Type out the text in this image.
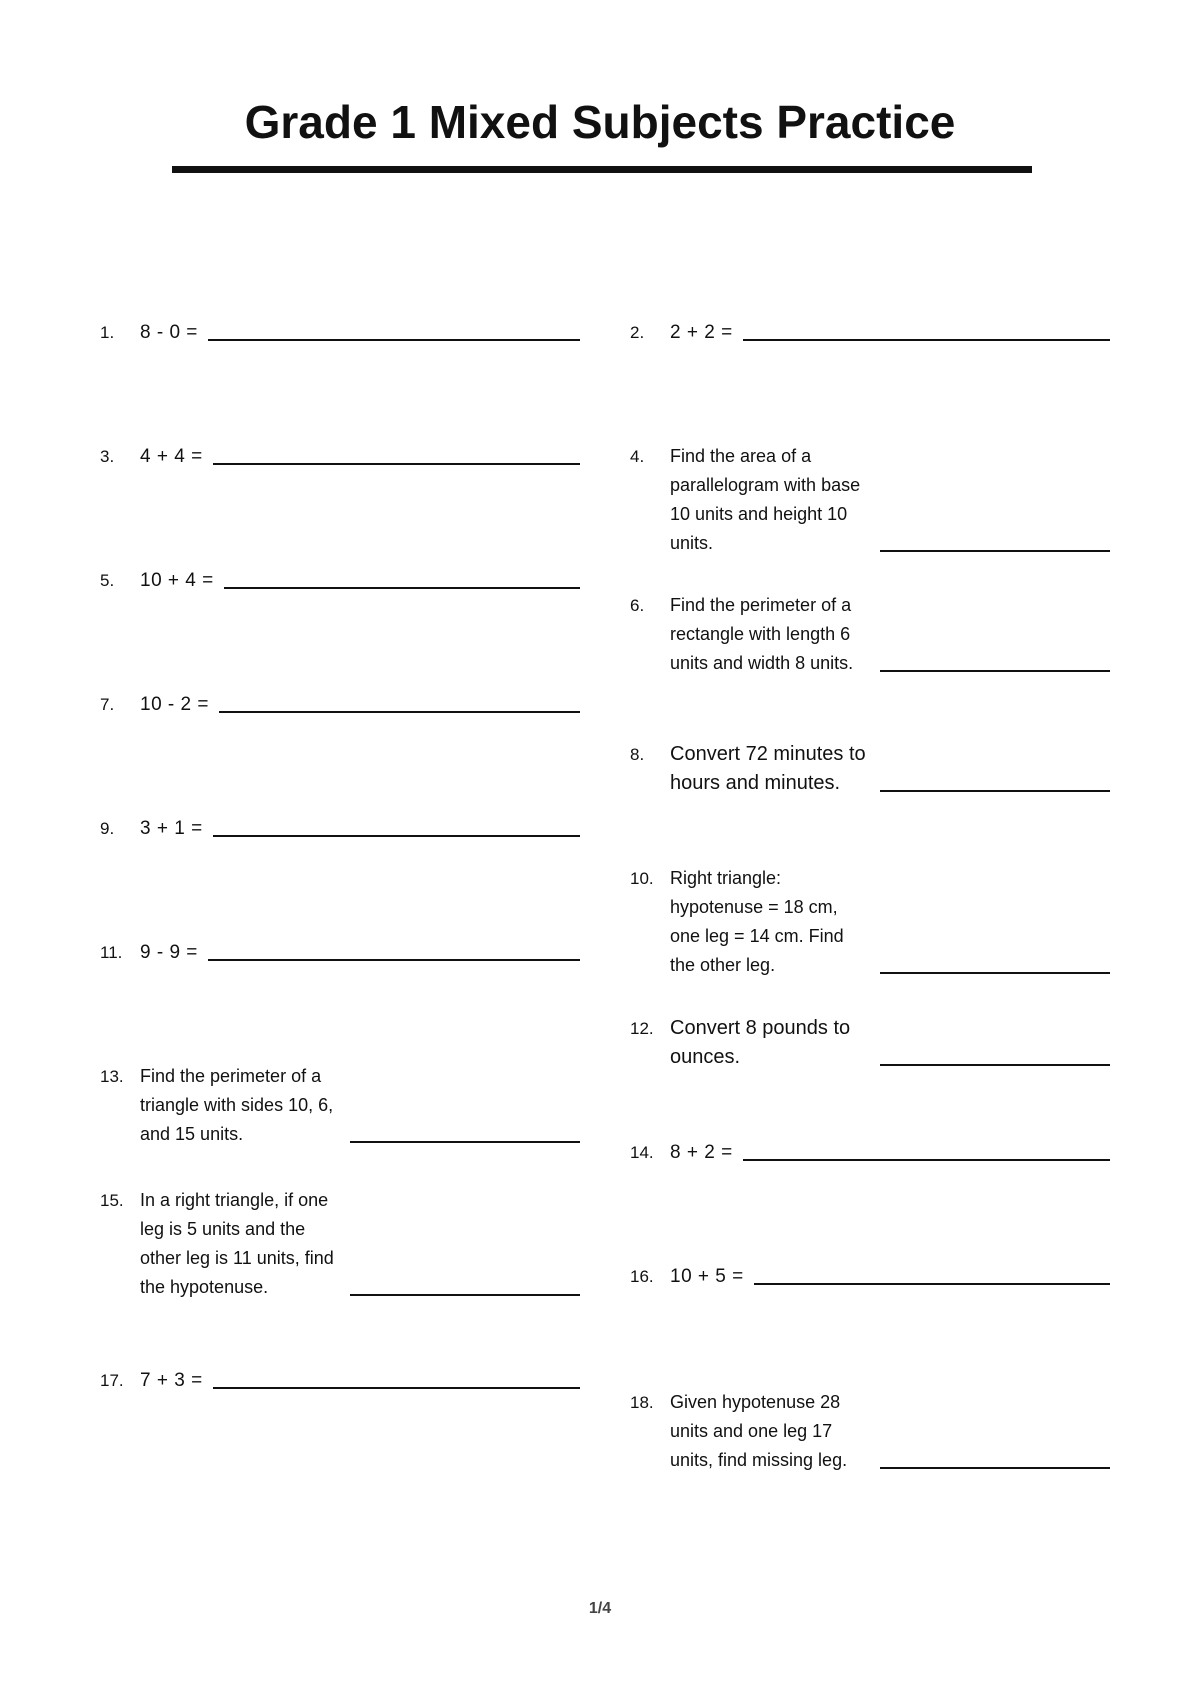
Grade 1 Mixed Subjects Practice
1. 8 - 0 =
3. 4 + 4 =
5. 10 + 4 =
7. 10 - 2 =
9. 3 + 1 =
11. 9 - 9 =
13. Find the perimeter of a triangle with sides 10, 6, and 15 units.
15. In a right triangle, if one leg is 5 units and the other leg is 11 units, find the hypotenuse.
17. 7 + 3 =
2. 2 + 2 =
4. Find the area of a parallelogram with base 10 units and height 10 units.
6. Find the perimeter of a rectangle with length 6 units and width 8 units.
8. Convert 72 minutes to hours and minutes.
10. Right triangle: hypotenuse = 18 cm, one leg = 14 cm. Find the other leg.
12. Convert 8 pounds to ounces.
14. 8 + 2 =
16. 10 + 5 =
18. Given hypotenuse 28 units and one leg 17 units, find missing leg.
1/4
